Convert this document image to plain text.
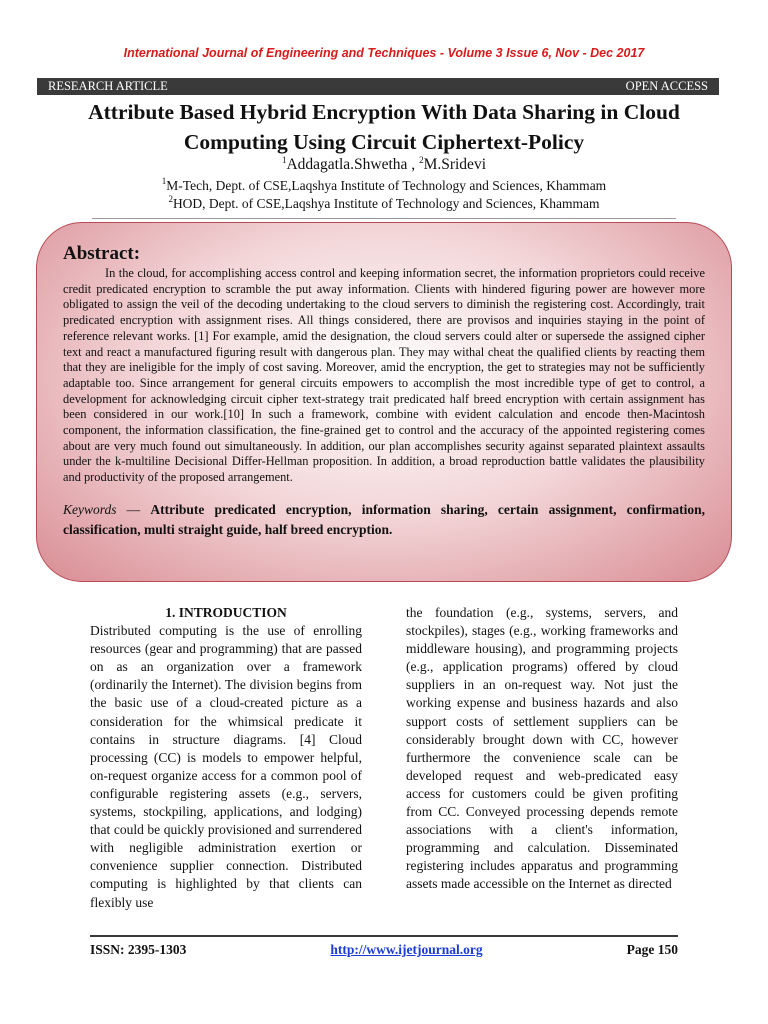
International Journal of Engineering and Techniques - Volume 3 Issue 6, Nov - Dec 2017
RESEARCH ARTICLE	OPEN ACCESS
Attribute Based Hybrid Encryption With Data Sharing in Cloud Computing Using Circuit Ciphertext-Policy
$^1$Addagatla.Shwetha , $^2$M.Sridevi
$^1$M-Tech, Dept. of CSE,Laqshya Institute of Technology and Sciences, Khammam
$^2$HOD, Dept. of CSE,Laqshya Institute of Technology and Sciences, Khammam
Abstract:

In the cloud, for accomplishing access control and keeping information secret, the information proprietors could receive credit predicated encryption to scramble the put away information. Clients with hindered figuring power are however more obligated to assign the veil of the decoding undertaking to the cloud servers to diminish the registering cost. Accordingly, trait predicated encryption with assignment rises. All things considered, there are provisos and inquiries staying in the point of reference relevant works. [1] For example, amid the designation, the cloud servers could alter or supersede the assigned cipher text and react a manufactured figuring result with dangerous plan. They may withal cheat the qualified clients by reacting them that they are ineligible for the imply of cost saving. Moreover, amid the encryption, the get to strategies may not be sufficiently adaptable too. Since arrangement for general circuits empowers to accomplish the most incredible type of get to control, a development for acknowledging circuit cipher text-strategy trait predicated half breed encryption with certain assignment has been considered in our work.[10] In such a framework, combine with evident calculation and encode then-Macintosh component, the information classification, the fine-grained get to control and the accuracy of the appointed registering comes about are very much found out simultaneously. In addition, our plan accomplishes security against separated plaintext assaults under the k-multiline Decisional Differ-Hellman proposition. In addition, a broad reproduction battle validates the plausibility and productivity of the proposed arrangement.

Keywords — Attribute predicated encryption, information sharing, certain assignment, confirmation, classification, multi straight guide, half breed encryption.
1. INTRODUCTION

Distributed computing is the use of enrolling resources (gear and programming) that are passed on as an organization over a framework (ordinarily the Internet). The division begins from the basic use of a cloud-created picture as a consideration for the whimsical predicate it contains in structure diagrams. [4] Cloud processing (CC) is models to empower helpful, on-request organize access for a common pool of configurable registering assets (e.g., servers, systems, stockpiling, applications, and lodging) that could be quickly provisioned and surrendered with negligible administration exertion or convenience supplier connection. Distributed computing is highlighted by that clients can flexibly use

the foundation (e.g., systems, servers, and stockpiles), stages (e.g., working frameworks and middleware housing), and programming projects (e.g., application programs) offered by cloud suppliers in an on-request way. Not just the working expense and business hazards and also support costs of settlement suppliers can be considerably brought down with CC, however furthermore the convenience scale can be developed request and web-predicated easy access for customers could be given profiting from CC. Conveyed processing depends remote associations with a client's information, programming and calculation. Disseminated registering includes apparatus and programming assets made accessible on the Internet as directed

ISSN: 2395-1303	http://www.ijetjournal.org	Page 150
